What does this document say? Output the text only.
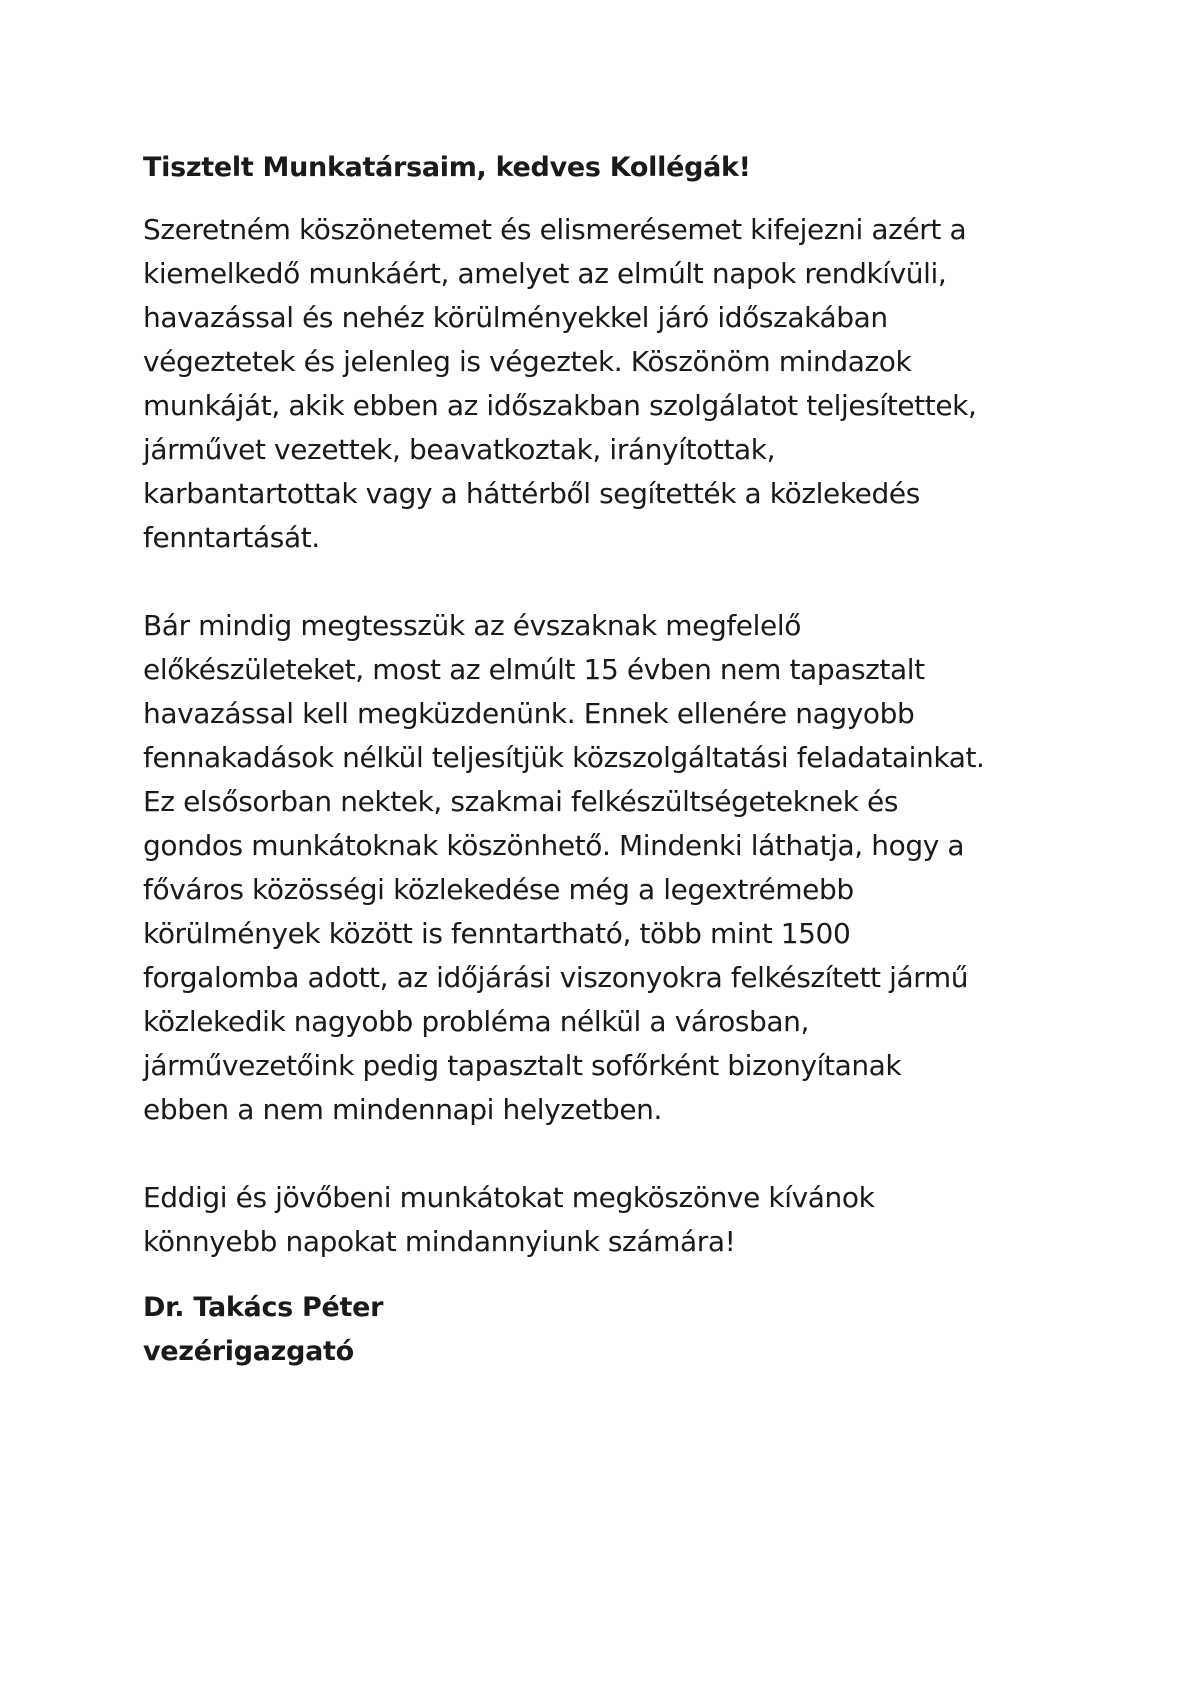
Tisztelt Munkatársaim, kedves Kollégák!
Szeretném köszönetemet és elismerésemet kifejezni azért a
kiemelkedő munkáért, amelyet az elmúlt napok rendkívüli,
havazással és nehéz körülményekkel járó időszakában
végeztetek és jelenleg is végeztek. Köszönöm mindazok
munkáját, akik ebben az időszakban szolgálatot teljesítettek,
járművet vezettek, beavatkoztak, irányítottak,
karbantartottak vagy a háttérből segítették a közlekedés
fenntartását.
Bár mindig megtesszük az évszaknak megfelelő
előkészületeket, most az elmúlt 15 évben nem tapasztalt
havazással kell megküzdenünk. Ennek ellenére nagyobb
fennakadások nélkül teljesítjük közszolgáltatási feladatainkat.
Ez elsősorban nektek, szakmai felkészültségeteknek és
gondos munkátoknak köszönhető. Mindenki láthatja, hogy a
főváros közösségi közlekedése még a legextrémebb
körülmények között is fenntartható, több mint 1500
forgalomba adott, az időjárási viszonyokra felkészített jármű
közlekedik nagyobb probléma nélkül a városban,
járművezetőink pedig tapasztalt sofőrként bizonyítanak
ebben a nem mindennapi helyzetben.
Eddigi és jövőbeni munkátokat megköszönve kívánok
könnyebb napokat mindannyiunk számára!
Dr. Takács Péter
vezérigazgató
